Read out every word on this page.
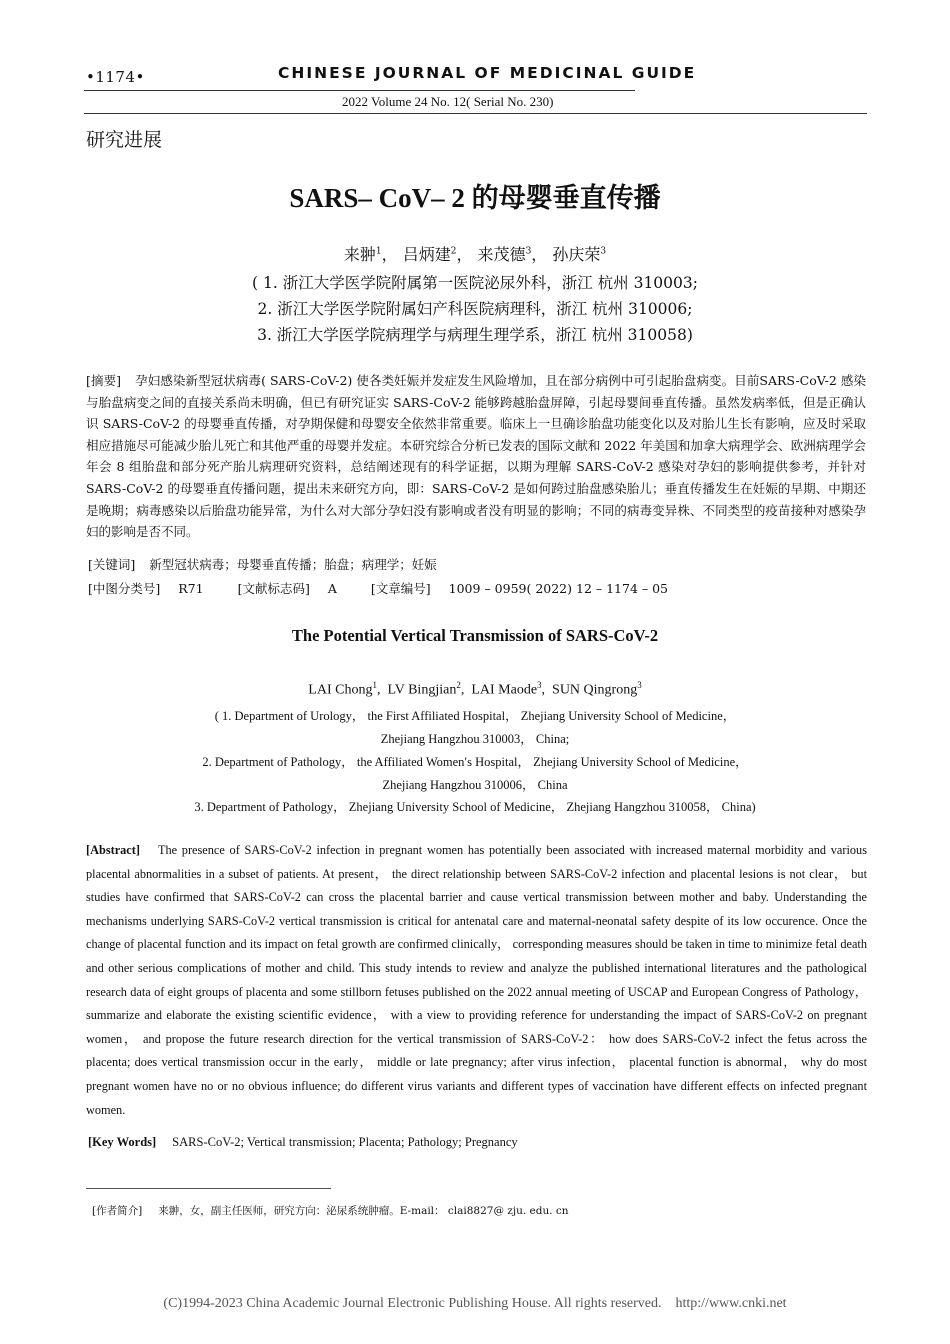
•1174•	CHINESE JOURNAL OF MEDICINAL GUIDE
2022 Volume 24 No. 12( Serial No. 230)
研究进展
SARS– CoV– 2 的母婴垂直传播
来翀$^1$， 吕炳建$^2$， 来茂德$^3$， 孙庆荣$^3$
( 1. 浙江大学医学院附属第一医院泌尿外科，浙江 杭州 310003;
2. 浙江大学医学院附属妇产科医院病理科，浙江 杭州 310006;
3. 浙江大学医学院病理学与病理生理学系，浙江 杭州 310058)
[摘要] 孕妇感染新型冠状病毒( SARS-CoV-2) 使各类妊娠并发症发生风险增加，且在部分病例中可引起胎盘病变。目前SARS-CoV-2 感染与胎盘病变之间的直接关系尚未明确，但已有研究证实 SARS-CoV-2 能够跨越胎盘屏障，引起母婴间垂直传播。虽然发病率低，但是正确认识 SARS-CoV-2 的母婴垂直传播，对孕期保健和母婴安全依然非常重要。临床上一旦确诊胎盘功能变化以及对胎儿生长有影响，应及时采取相应措施尽可能减少胎儿死亡和其他严重的母婴并发症。本研究综合分析已发表的国际文献和 2022 年美国和加拿大病理学会、欧洲病理学会年会 8 组胎盘和部分死产胎儿病理研究资料，总结阐述现有的科学证据，以期为理解 SARS-CoV-2 感染对孕妇的影响提供参考，并针对 SARS-CoV-2 的母婴垂直传播问题，提出未来研究方向，即：SARS-CoV-2 是如何跨过胎盘感染胎儿；垂直传播发生在妊娠的早期、中期还是晚期；病毒感染以后胎盘功能异常，为什么对大部分孕妇没有影响或者没有明显的影响；不同的病毒变异株、不同类型的疫苗接种对感染孕妇的影响是否不同。
[关键词] 新型冠状病毒；母婴垂直传播；胎盘；病理学；妊娠
[中图分类号] R71	[文献标志码] A	[文章编号] 1009 – 0959( 2022) 12 – 1174 – 05
The Potential Vertical Transmission of SARS-CoV-2
LAI Chong$^1$,  LV Bingjian$^2$,  LAI Maode$^3$,  SUN Qingrong$^3$
( 1. Department of Urology， the First Affiliated Hospital， Zhejiang University School of Medicine，
Zhejiang Hangzhou 310003， China;
2. Department of Pathology， the Affiliated Women′s Hospital， Zhejiang University School of Medicine，
Zhejiang Hangzhou 310006， China
3. Department of Pathology， Zhejiang University School of Medicine， Zhejiang Hangzhou 310058， China)
[Abstract] The presence of SARS-CoV-2 infection in pregnant women has potentially been associated with increased maternal morbidity and various placental abnormalities in a subset of patients. At present， the direct relationship between SARS-CoV-2 infection and placental lesions is not clear， but studies have confirmed that SARS-CoV-2 can cross the placental barrier and cause vertical transmission between mother and baby. Understanding the mechanisms underlying SARS-CoV-2 vertical transmission is critical for antenatal care and maternal-neonatal safety despite of its low occurence. Once the change of placental function and its impact on fetal growth are confirmed clinically， corresponding measures should be taken in time to minimize fetal death and other serious complications of mother and child. This study intends to review and analyze the published international literatures and the pathological research data of eight groups of placenta and some stillborn fetuses published on the 2022 annual meeting of USCAP and European Congress of Pathology， summarize and elaborate the existing scientific evidence， with a view to providing reference for understanding the impact of SARS-CoV-2 on pregnant women， and propose the future research direction for the vertical transmission of SARS-CoV-2： how does SARS-CoV-2 infect the fetus across the placenta; does vertical transmission occur in the early， middle or late pregnancy; after virus infection， placental function is abnormal， why do most pregnant women have no or no obvious influence; do different virus variants and different types of vaccination have different effects on infected pregnant women.
[Key Words] SARS-CoV-2; Vertical transmission; Placenta; Pathology; Pregnancy
[作者简介] 来翀，女，副主任医师，研究方向：泌尿系统肿瘤。E-mail： clai8827@ zju. edu. cn
(C)1994-2023 China Academic Journal Electronic Publishing House. All rights reserved.    http://www.cnki.net
